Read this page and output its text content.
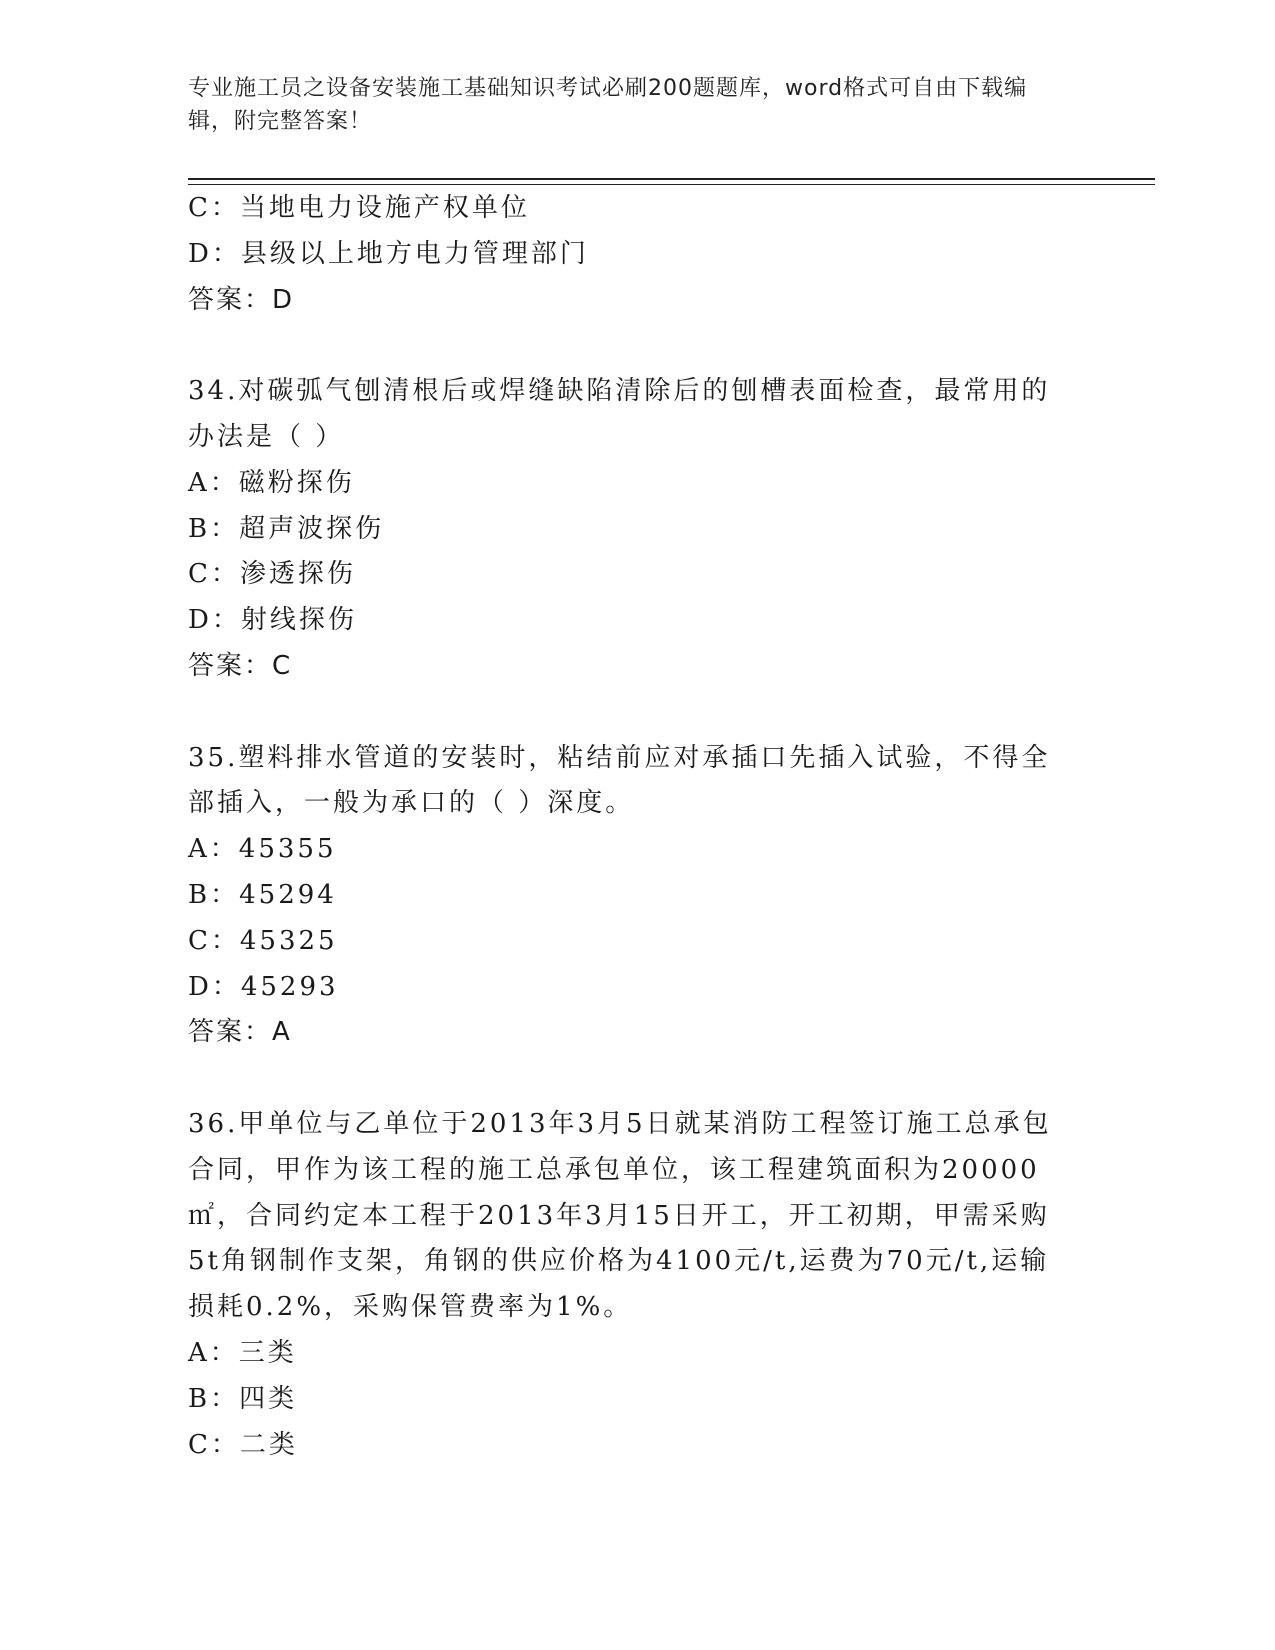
专业施工员之设备安装施工基础知识考试必刷200题题库，word格式可自由下载编辑，附完整答案！
C：当地电力设施产权单位
D：县级以上地方电力管理部门
答案：D
34.对碳弧气刨清根后或焊缝缺陷清除后的刨槽表面检查，最常用的办法是（ ）
A：磁粉探伤
B：超声波探伤
C：渗透探伤
D：射线探伤
答案：C
35.塑料排水管道的安装时，粘结前应对承插口先插入试验，不得全部插入，一般为承口的（ ）深度。
A：45355
B：45294
C：45325
D：45293
答案：A
36.甲单位与乙单位于2013年3月5日就某消防工程签订施工总承包合同，甲作为该工程的施工总承包单位，该工程建筑面积为20000㎡，合同约定本工程于2013年3月15日开工，开工初期，甲需采购5t角钢制作支架，角钢的供应价格为4100元/t,运费为70元/t,运输损耗0.2%，采购保管费率为1%。
A：三类
B：四类
C：二类
